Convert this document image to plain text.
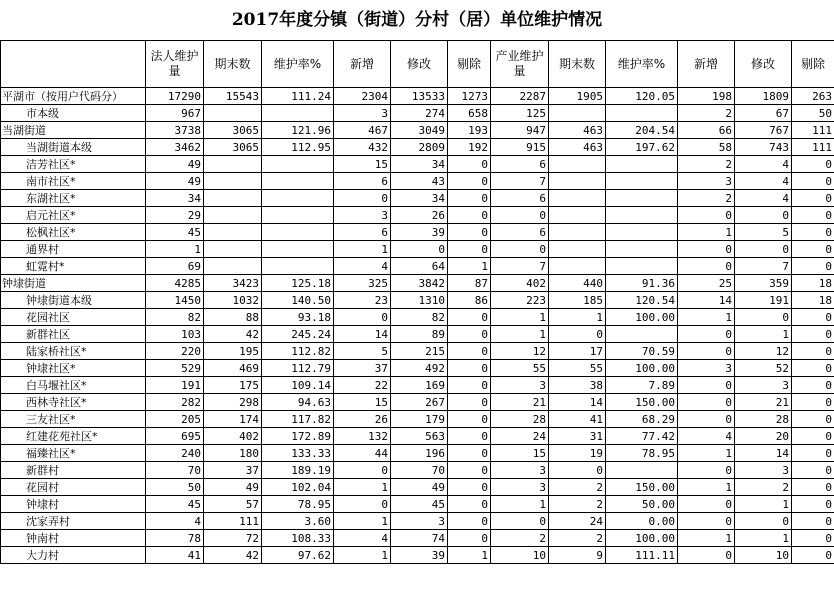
2017年度分镇（街道）分村（居）单位维护情况
	法人维护量	期末数	维护率%	新增	修改	剔除	产业维护量	期末数	维护率%	新增	修改	剔除
平湖市（按用户代码分）	17290	15543	111.24	2304	13533	1273	2287	1905	120.05	198	1809	263
市本级	967			3	274	658	125			2	67	50
当湖街道	3738	3065	121.96	467	3049	193	947	463	204.54	66	767	111
当湖街道本级	3462	3065	112.95	432	2809	192	915	463	197.62	58	743	111
洁芳社区*	49			15	34	0	6			2	4	0
南市社区*	49			6	43	0	7			3	4	0
东湖社区*	34			0	34	0	6			2	4	0
启元社区*	29			3	26	0	0			0	0	0
松枫社区*	45			6	39	0	6			1	5	0
通界村	1			1	0	0	0			0	0	0
虹霓村*	69			4	64	1	7			0	7	0
钟埭街道	4285	3423	125.18	325	3842	87	402	440	91.36	25	359	18
钟埭街道本级	1450	1032	140.50	23	1310	86	223	185	120.54	14	191	18
花园社区	82	88	93.18	0	82	0	1	1	100.00	1	0	0
新群社区	103	42	245.24	14	89	0	1	0		0	1	0
陆家桥社区*	220	195	112.82	5	215	0	12	17	70.59	0	12	0
钟埭社区*	529	469	112.79	37	492	0	55	55	100.00	3	52	0
白马堰社区*	191	175	109.14	22	169	0	3	38	7.89	0	3	0
西林寺社区*	282	298	94.63	15	267	0	21	14	150.00	0	21	0
三友社区*	205	174	117.82	26	179	0	28	41	68.29	0	28	0
红建花苑社区*	695	402	172.89	132	563	0	24	31	77.42	4	20	0
福臻社区*	240	180	133.33	44	196	0	15	19	78.95	1	14	0
新群村	70	37	189.19	0	70	0	3	0		0	3	0
花园村	50	49	102.04	1	49	0	3	2	150.00	1	2	0
钟埭村	45	57	78.95	0	45	0	1	2	50.00	0	1	0
沈家弄村	4	111	3.60	1	3	0	0	24	0.00	0	0	0
钟南村	78	72	108.33	4	74	0	2	2	100.00	1	1	0
大力村	41	42	97.62	1	39	1	10	9	111.11	0	10	0
